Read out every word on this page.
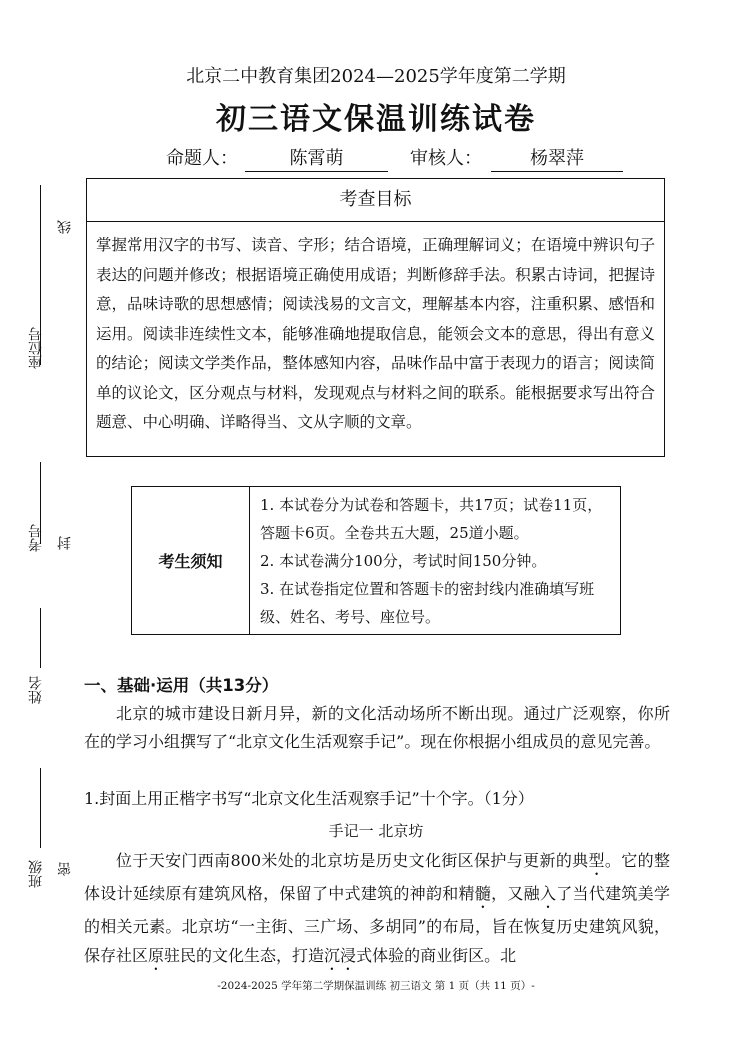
北京二中教育集团2024—2025学年度第二学期
初三语文保温训练试卷
命题人：	陈霄萌	审核人：	杨翠萍
座位号
考号
姓名
班级
线
封
密
考查目标
掌握常用汉字的书写、读音、字形；结合语境，正确理解词义；在语境中辨识句子表达的问题并修改；根据语境正确使用成语；判断修辞手法。积累古诗词，把握诗意，品味诗歌的思想感情；阅读浅易的文言文，理解基本内容，注重积累、感悟和运用。阅读非连续性文本，能够准确地提取信息，能领会文本的意思，得出有意义的结论；阅读文学类作品，整体感知内容，品味作品中富于表现力的语言；阅读简单的议论文，区分观点与材料，发现观点与材料之间的联系。能根据要求写出符合题意、中心明确、详略得当、文从字顺的文章。
考生须知
1. 本试卷分为试卷和答题卡，共17页；试卷11页，答题卡6页。全卷共五大题，25道小题。
2. 本试卷满分100分，考试时间150分钟。
3. 在试卷指定位置和答题卡的密封线内准确填写班级、姓名、考号、座位号。
一、基础·运用（共13分）
北京的城市建设日新月异，新的文化活动场所不断出现。通过广泛观察，你所在的学习小组撰写了“北京文化生活观察手记”。现在你根据小组成员的意见完善。
1.封面上用正楷字书写“北京文化生活观察手记”十个字。（1分）
手记一 北京坊
位于天安门西南800米处的北京坊是历史文化街区保护与更新的典型。它的整体设计延续原有建筑风格，保留了中式建筑的神韵和精髓，又融入了当代建筑美学的相关元素。北京坊“一主街、三广场、多胡同”的布局，旨在恢复历史建筑风貌，保存社区原驻民的文化生态，打造沉浸式体验的商业街区。北
-2024-2025 学年第二学期保温训练 初三语文 第 1 页（共 11 页）-
